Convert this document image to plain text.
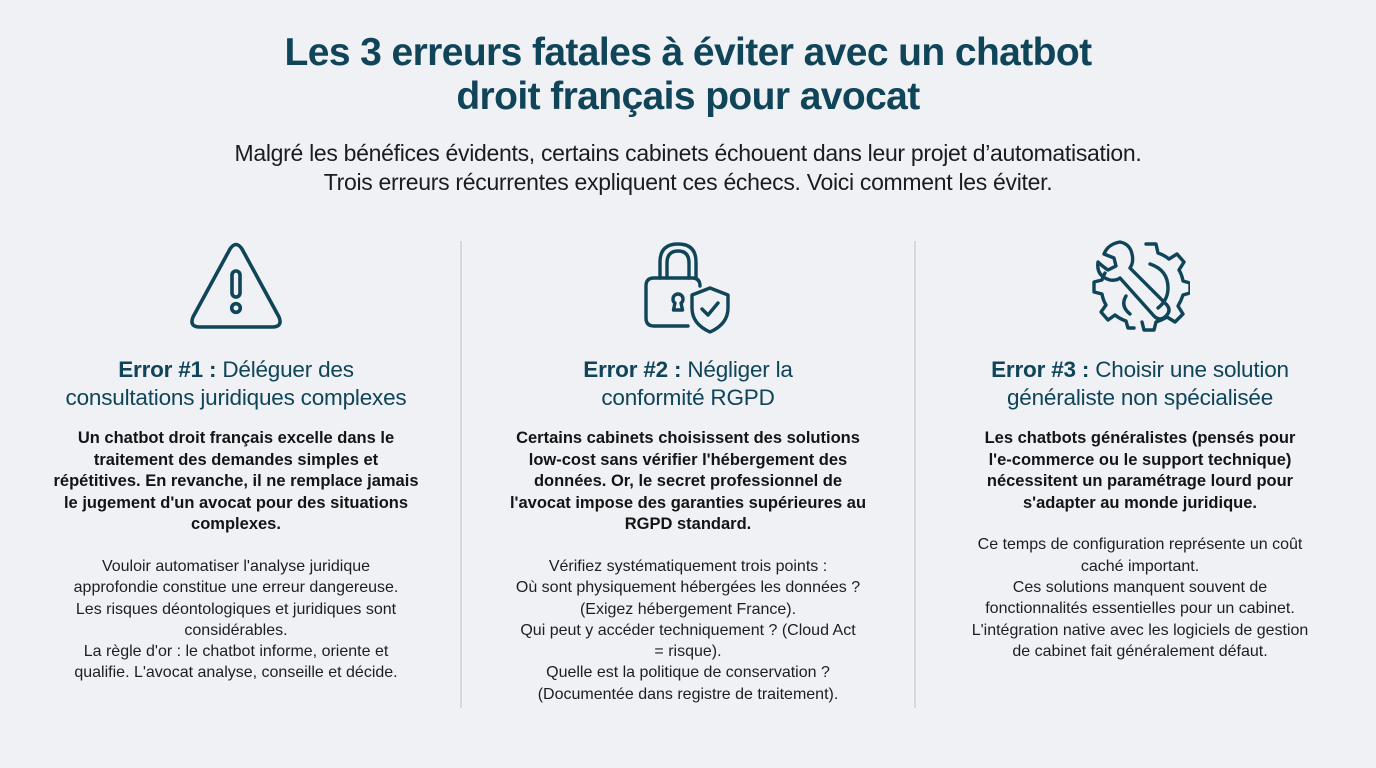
Les 3 erreurs fatales à éviter avec un chatbot
droit français pour avocat
Malgré les bénéfices évidents, certains cabinets échouent dans leur projet d’automatisation.
Trois erreurs récurrentes expliquent ces échecs. Voici comment les éviter.
Error #1 : Déléguer des
consultations juridiques complexes
Un chatbot droit français excelle dans le
traitement des demandes simples et
répétitives. En revanche, il ne remplace jamais
le jugement d'un avocat pour des situations
complexes.
Vouloir automatiser l'analyse juridique
approfondie constitue une erreur dangereuse.
Les risques déontologiques et juridiques sont
considérables.
La règle d'or : le chatbot informe, oriente et
qualifie. L'avocat analyse, conseille et décide.
Error #2 : Négliger la
conformité RGPD
Certains cabinets choisissent des solutions
low-cost sans vérifier l'hébergement des
données. Or, le secret professionnel de
l'avocat impose des garanties supérieures au
RGPD standard.
Vérifiez systématiquement trois points :
Où sont physiquement hébergées les données ?
(Exigez hébergement France).
Qui peut y accéder techniquement ? (Cloud Act
= risque).
Quelle est la politique de conservation ?
(Documentée dans registre de traitement).
Error #3 : Choisir une solution
généraliste non spécialisée
Les chatbots généralistes (pensés pour
l'e-commerce ou le support technique)
nécessitent un paramétrage lourd pour
s'adapter au monde juridique.
Ce temps de configuration représente un coût
caché important.
Ces solutions manquent souvent de
fonctionnalités essentielles pour un cabinet.
L'intégration native avec les logiciels de gestion
de cabinet fait généralement défaut.
